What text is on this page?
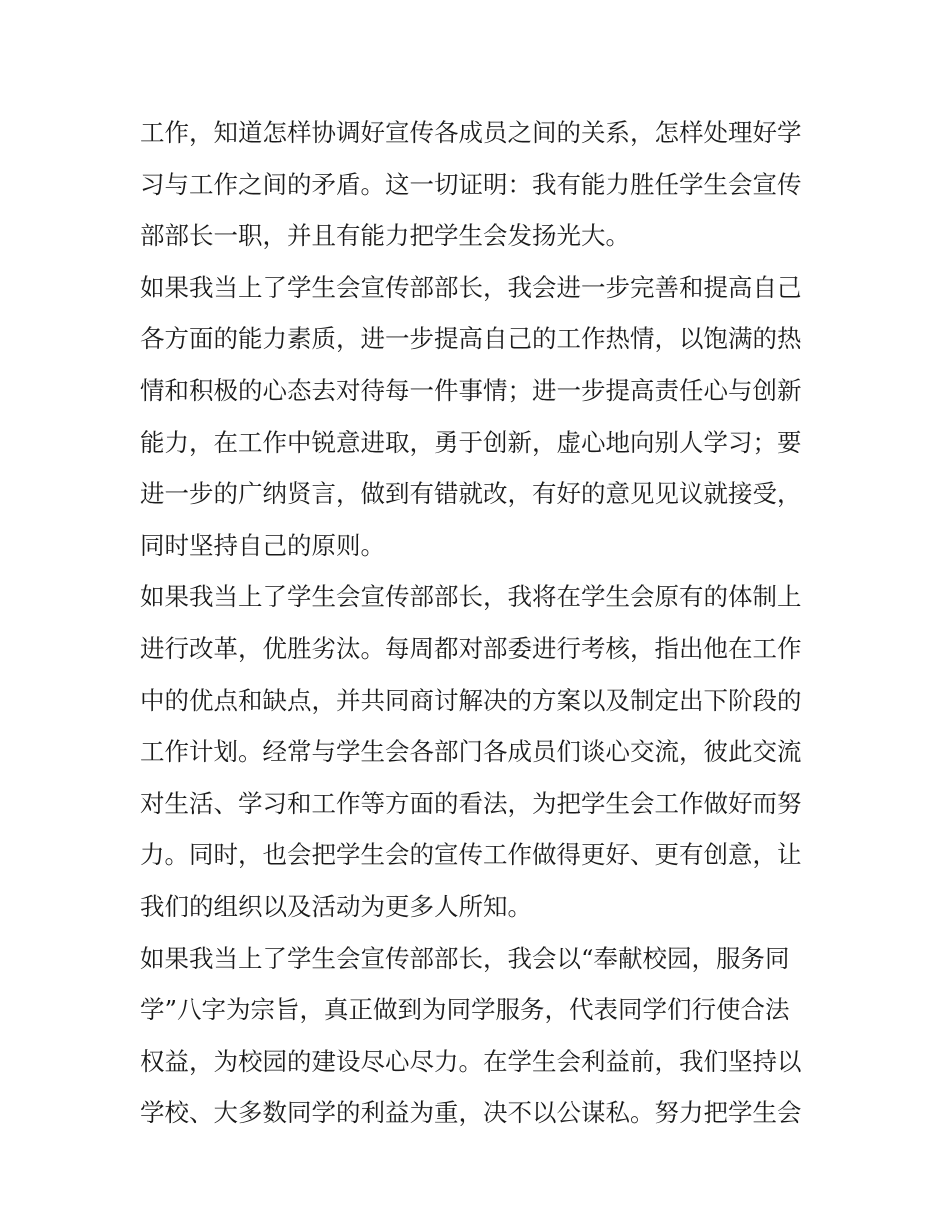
工作，知道怎样协调好宣传各成员之间的关系，怎样处理好学
习与工作之间的矛盾。这一切证明：我有能力胜任学生会宣传
部部长一职，并且有能力把学生会发扬光大。
如果我当上了学生会宣传部部长，我会进一步完善和提高自己
各方面的能力素质，进一步提高自己的工作热情，以饱满的热
情和积极的心态去对待每一件事情；进一步提高责任心与创新
能力，在工作中锐意进取，勇于创新，虚心地向别人学习；要
进一步的广纳贤言，做到有错就改，有好的意见见议就接受，
同时坚持自己的原则。
如果我当上了学生会宣传部部长，我将在学生会原有的体制上
进行改革，优胜劣汰。每周都对部委进行考核，指出他在工作
中的优点和缺点，并共同商讨解决的方案以及制定出下阶段的
工作计划。经常与学生会各部门各成员们谈心交流，彼此交流
对生活、学习和工作等方面的看法，为把学生会工作做好而努
力。同时，也会把学生会的宣传工作做得更好、更有创意，让
我们的组织以及活动为更多人所知。
如果我当上了学生会宣传部部长，我会以“奉献校园，服务同
学”八字为宗旨，真正做到为同学服务，代表同学们行使合法
权益，为校园的建设尽心尽力。在学生会利益前，我们坚持以
学校、大多数同学的利益为重，决不以公谋私。努力把学生会
